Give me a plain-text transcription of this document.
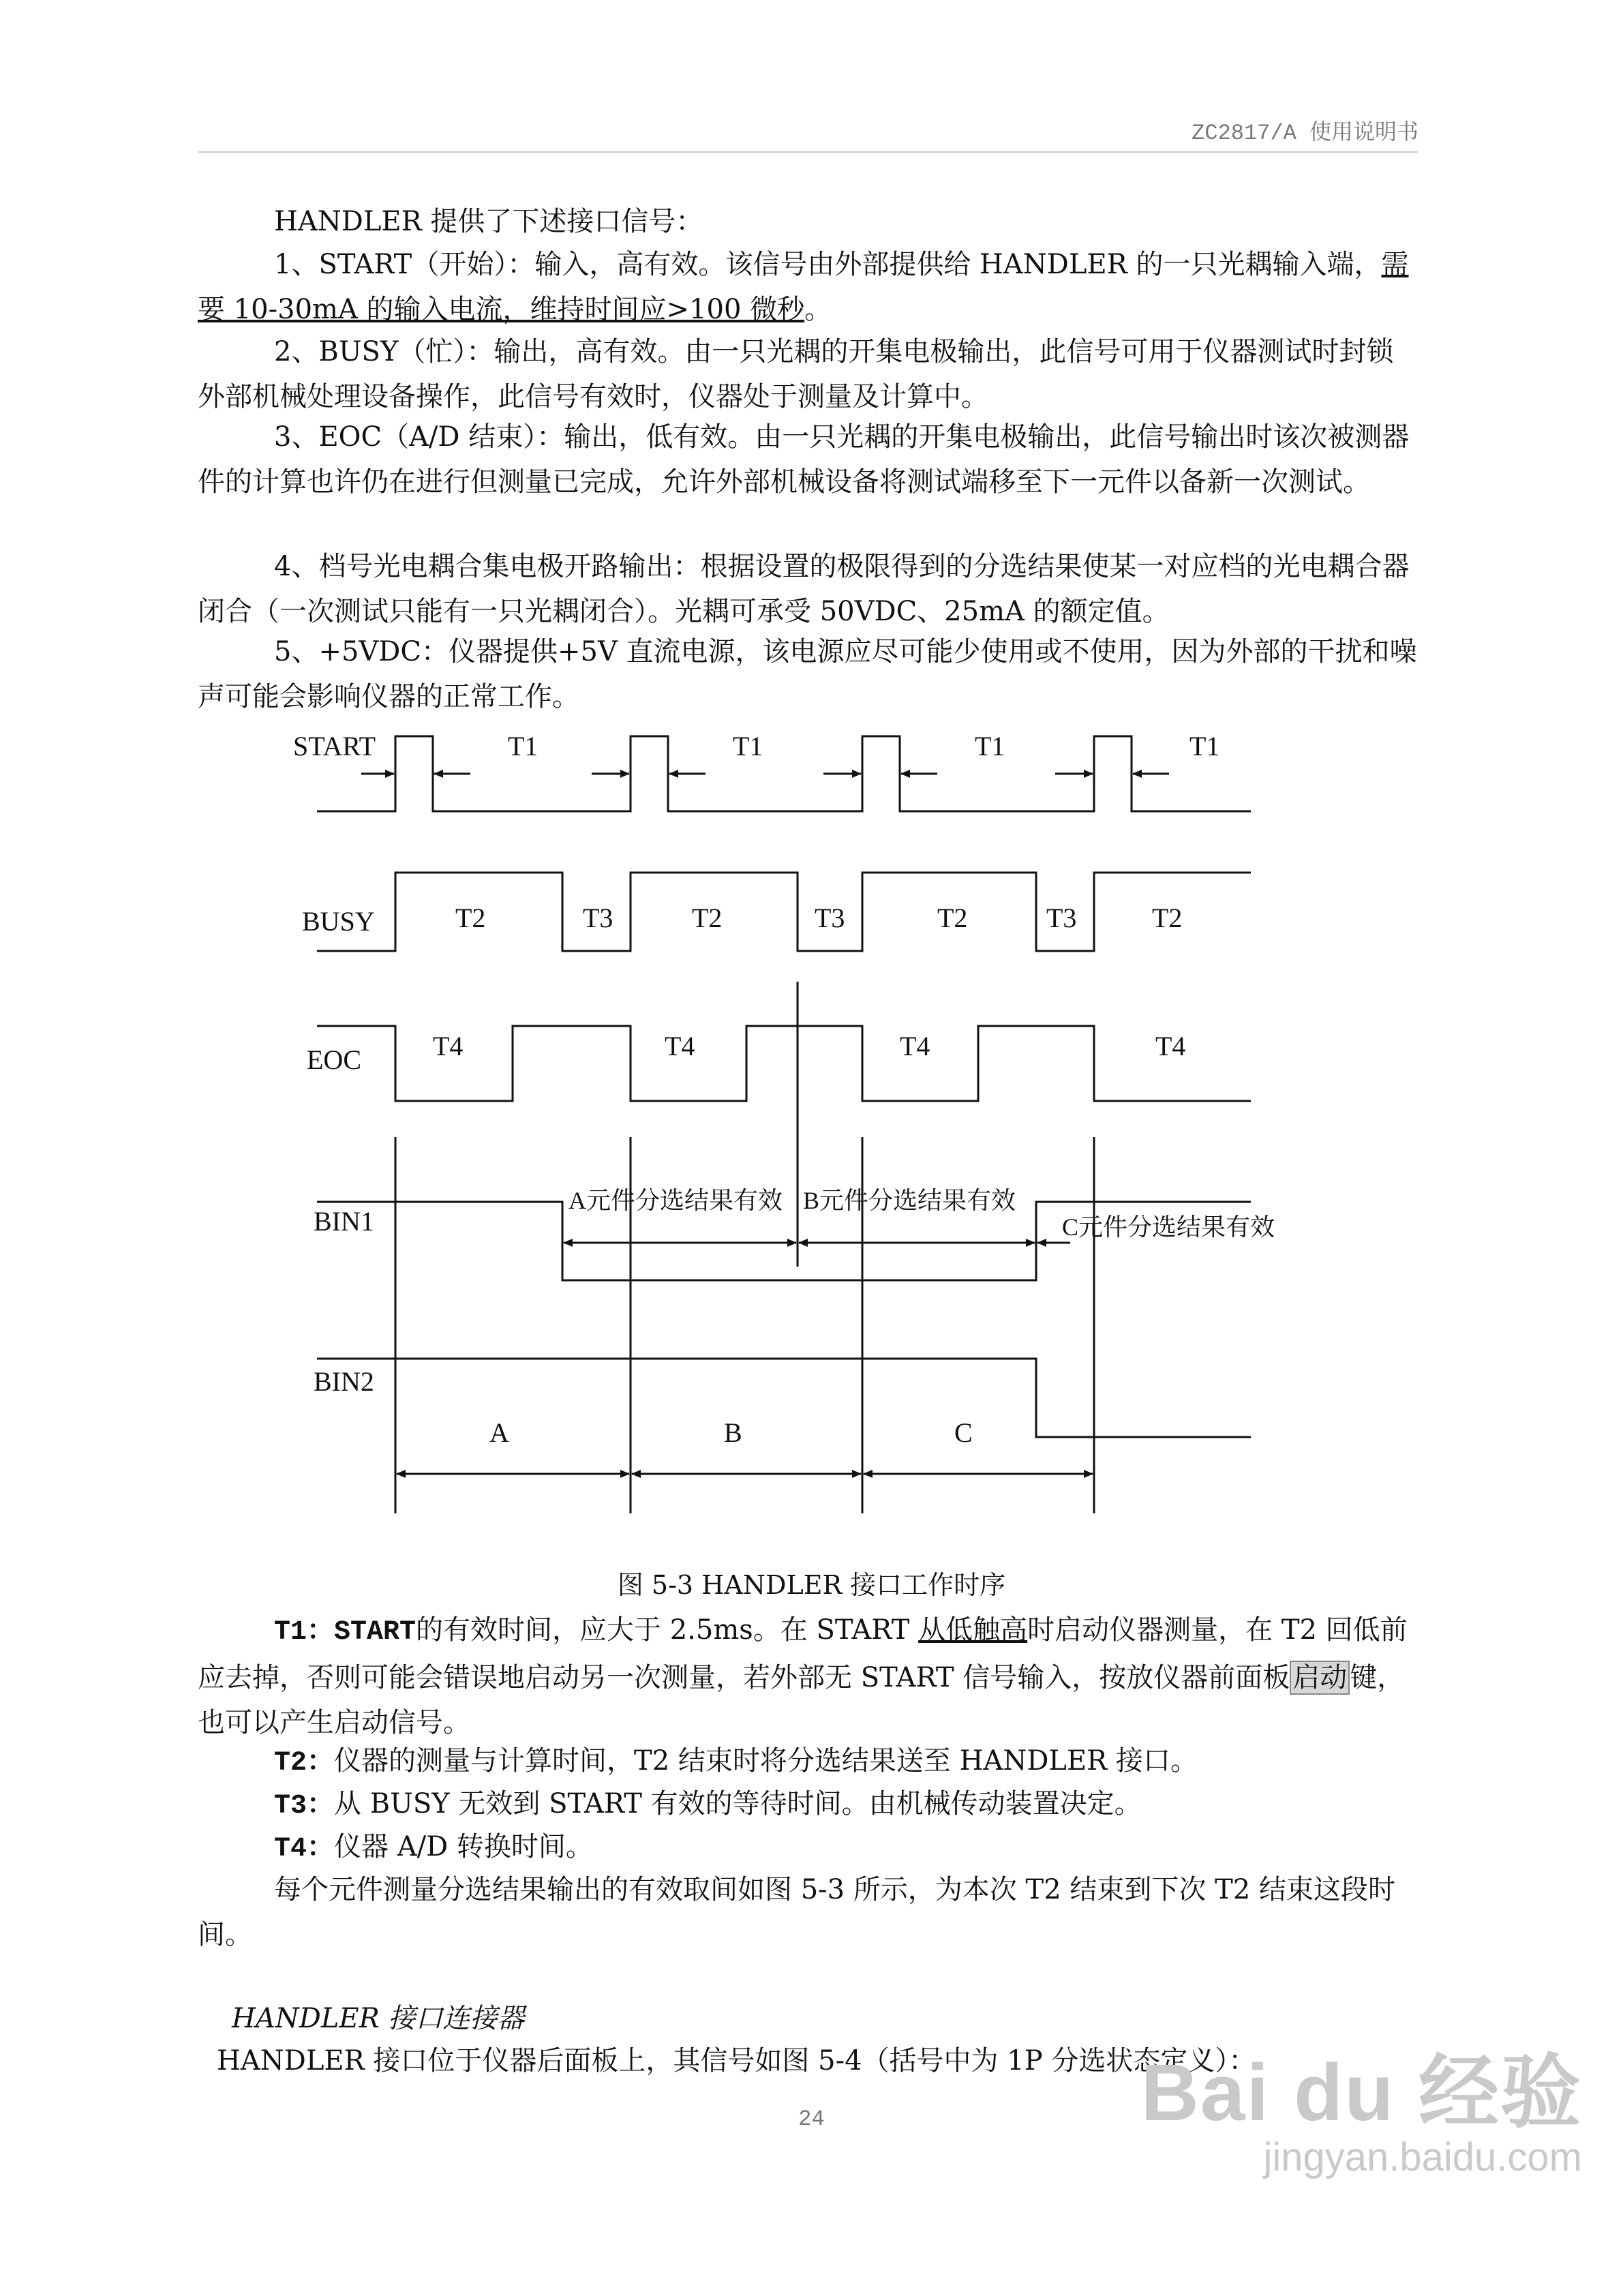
ZC2817/A 使用说明书

HANDLER 提供了下述接口信号：

1、START（开始）：输入，高有效。该信号由外部提供给 HANDLER 的一只光耦输入端，需要 10-30mA 的输入电流，维持时间应>100 微秒。

2、BUSY（忙）：输出，高有效。由一只光耦的开集电极输出，此信号可用于仪器测试时封锁外部机械处理设备操作，此信号有效时，仪器处于测量及计算中。

3、EOC（A/D 结束）：输出，低有效。由一只光耦的开集电极输出，此信号输出时该次被测器件的计算也许仍在进行但测量已完成，允许外部机械设备将测试端移至下一元件以备新一次测试。

4、档号光电耦合集电极开路输出：根据设置的极限得到的分选结果使某一对应档的光电耦合器闭合（一次测试只能有一只光耦闭合）。光耦可承受 50VDC、25mA 的额定值。

5、+5VDC：仪器提供+5V 直流电源，该电源应尽可能少使用或不使用，因为外部的干扰和噪声可能会影响仪器的正常工作。

START
BUSY
EOC
BIN1
BIN2
T1	T1	T1	T1
T2	T3	T2	T3	T2	T3	T2
T4	T4	T4	T4
A元件分选结果有效 B元件分选结果有效
C元件分选结果有效
A	B	C
图 5-3 HANDLER 接口工作时序

T1：START的有效时间，应大于 2.5ms。在 START 从低触高时启动仪器测量，在 T2 回低前应去掉，否则可能会错误地启动另一次测量，若外部无 START 信号输入，按放仪器前面板 启动 键，也可以产生启动信号。

T2：仪器的测量与计算时间，T2 结束时将分选结果送至 HANDLER 接口。

T3：从 BUSY 无效到 START 有效的等待时间。由机械传动装置决定。

T4：仪器 A/D 转换时间。

每个元件测量分选结果输出的有效取间如图 5-3 所示，为本次 T2 结束到下次 T2 结束这段时间。

HANDLER 接口连接器

HANDLER 接口位于仪器后面板上，其信号如图 5-4（括号中为 1P 分选状态定义）：

24	Bai du 经验
jingyan.baidu.com
